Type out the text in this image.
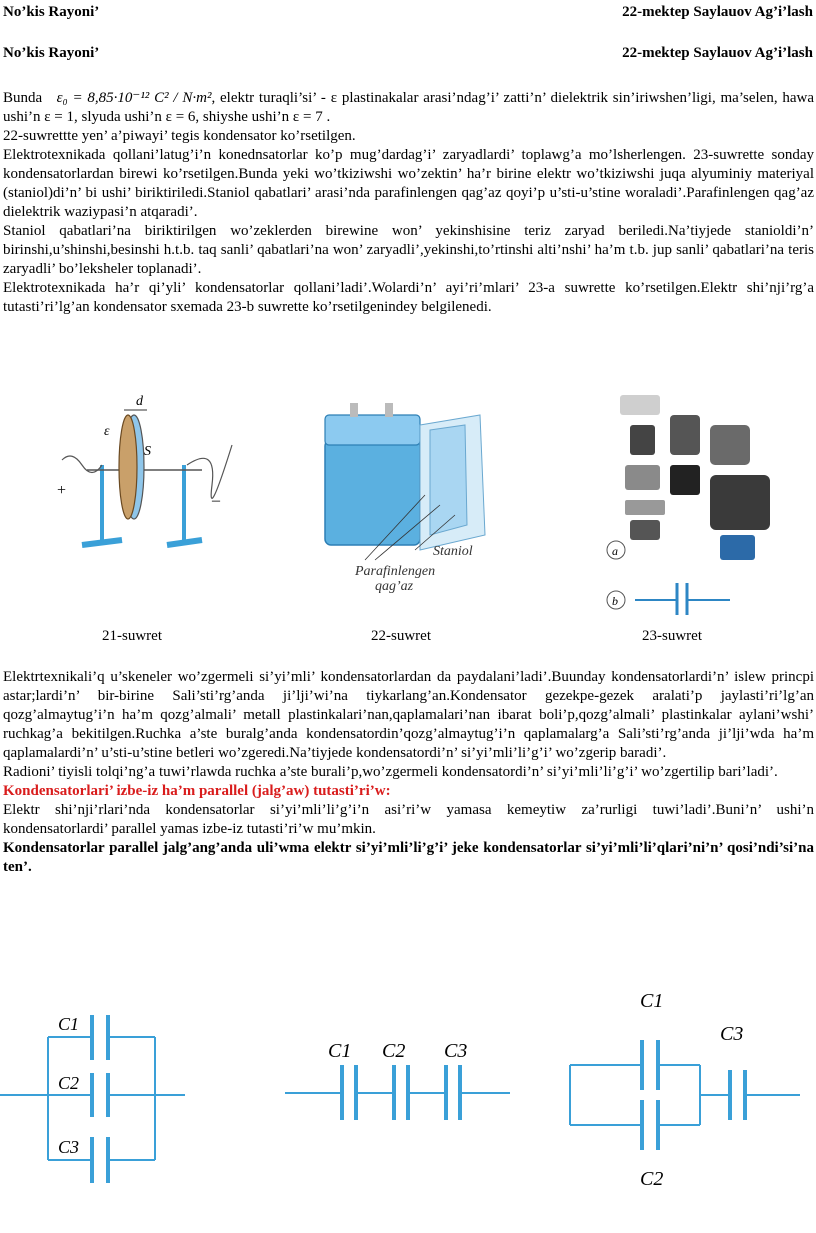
No’kis Rayoni’	22-mektep Saylauov Ag’i’lash
No’kis Rayoni’	22-mektep Saylauov Ag’i’lash

Bunda ε₀ = 8,85·10⁻¹² C² / N·m², elektr turaqli’si’ - ε plastinakalar arasi’ndag’i’ zatti’n’ dielektrik sin’iriwshen’ligi, ma’selen, hawa ushi’n ε = 1, slyuda ushi’n ε = 6, shiyshe ushi’n ε = 7 .

22-suwrettte yen’ a’piwayi’ tegis kondensator ko’rsetilgen.

Elektrotexnikada qollani’latug’i’n konednsatorlar ko’p mug’dardag’i’ zaryadlardi’ toplawg’a mo’lsherlengen. 23-suwrette sonday kondensatorlardan birewi ko’rsetilgen.Bunda yeki wo’tkiziwshi wo’zektin’ ha’r birine elektr wo’tkiziwshi juqa alyuminiy materiyal (staniol)di’n’ bi ushi’ biriktiriledi.Staniol qabatlari’ arasi’nda parafinlengen qag’az qoyi’p u’sti-u’stine woraladi’.Parafinlengen qag’az dielektrik waziypasi’n atqaradi’.

Staniol qabatlari’na biriktirilgen wo’zeklerden birewine won’ yekinshisine teriz zaryad beriledi.Na’tiyjede stanioldi’n’ birinshi,u’shinshi,besinshi h.t.b. taq sanli’ qabatlari’na won’ zaryadli’,yekinshi,to’rtinshi alti’nshi’ ha’m t.b. jup sanli’ qabatlari’na teris zaryadli’ bo’leksheler toplanadi’.

Elektrotexnikada ha’r qi’yli’ kondensatorlar qollani’ladi’.Wolardi’n’ ayi’ri’mlari’ 23-a suwrette ko’rsetilgen.Elektr shi’nji’rg’a tutasti’ri’lg’an kondensator sxemada 23-b suwrette ko’rsetilgenindey belgilenedi.

d
ε
S
+
–
Staniol
Parafinlengen
qag’az
a
b
21-suwret	22-suwret	23-suwret

Elektrtexnikali’q u’skeneler wo’zgermeli si’yi’mli’ kondensatorlardan da paydalani’ladi’.Buunday kondensatorlardi’n’ islew princpi astar;lardi’n’ bir-birine Sali’sti’rg’anda ji’lji’wi’na tiykarlang’an.Kondensator gezekpe-gezek aralati’p jaylasti’ri’lg’an qozg’almaytug’i’n ha’m qozg’almali’ metall plastinkalari’nan,qaplamalari’nan ibarat boli’p,qozg’almali’ plastinkalar aylani’wshi’ ruchkag’a bekitilgen.Ruchka a’ste buralg’anda kondensatordin’qozg’almaytug’i’n qaplamalarg’a Sali’sti’rg’anda ji’lji’wda ha’m qaplamalardi’n’ u’sti-u’stine betleri wo’zgeredi.Na’tiyjede kondensatordi’n’ si’yi’mli’li’g’i’ wo’zgerip baradi’.

Radioni’ tiyisli tolqi’ng’a tuwi’rlawda ruchka a’ste burali’p,wo’zgermeli kondensatordi’n’ si’yi’mli’li’g’i’ wo’zgertilip bari’ladi’.

Kondensatorlari’ izbe-iz ha’m parallel (jalg’aw) tutasti’ri’w:

Elektr shi’nji’rlari’nda kondensatorlar si’yi’mli’li’g’i’n asi’ri’w yamasa kemeytiw za’rurligi tuwi’ladi’.Buni’n’ ushi’n kondensatorlardi’ parallel yamas izbe-iz tutasti’ri’w mu’mkin.

Kondensatorlar parallel jalg’ang’anda uli’wma elektr si’yi’mli’li’g’i’ jeke kondensatorlar si’yi’mli’li’qlari’ni’n’ qosi’ndi’si’na ten’.

C1
C2
C3
C1 C2 C3
C1
C3
C2
